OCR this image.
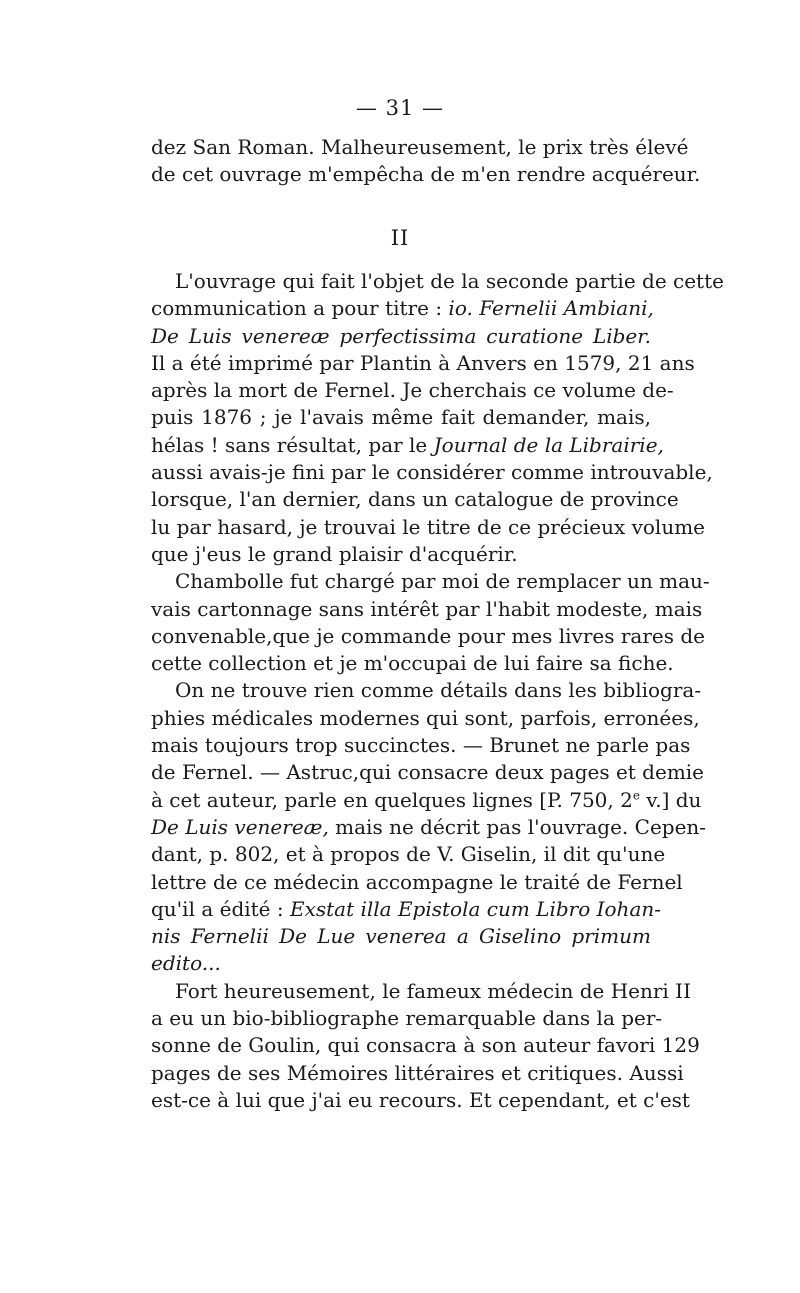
— 31 —
dez San Roman. Malheureusement, le prix très élevé
de cet ouvrage m'empêcha de m'en rendre acquéreur.
II
L'ouvrage qui fait l'objet de la seconde partie de cette
communication a pour titre : io. Fernelii Ambiani,
De Luis venereæ perfectissima curatione Liber.
Il a été imprimé par Plantin à Anvers en 1579, 21 ans
après la mort de Fernel. Je cherchais ce volume de-
puis 1876 ; je l'avais même fait demander, mais,
hélas ! sans résultat, par le Journal de la Librairie,
aussi avais-je fini par le considérer comme introuvable,
lorsque, l'an dernier, dans un catalogue de province
lu par hasard, je trouvai le titre de ce précieux volume
que j'eus le grand plaisir d'acquérir.
Chambolle fut chargé par moi de remplacer un mau-
vais cartonnage sans intérêt par l'habit modeste, mais
convenable,que je commande pour mes livres rares de
cette collection et je m'occupai de lui faire sa fiche.
On ne trouve rien comme détails dans les bibliogra-
phies médicales modernes qui sont, parfois, erronées,
mais toujours trop succinctes. — Brunet ne parle pas
de Fernel. — Astruc,qui consacre deux pages et demie
à cet auteur, parle en quelques lignes [P. 750, 2e v.] du
De Luis venereæ, mais ne décrit pas l'ouvrage. Cepen-
dant, p. 802, et à propos de V. Giselin, il dit qu'une
lettre de ce médecin accompagne le traité de Fernel
qu'il a édité : Exstat illa Epistola cum Libro Iohan-
nis Fernelii De Lue venerea a Giselino primum
edito...
Fort heureusement, le fameux médecin de Henri II
a eu un bio-bibliographe remarquable dans la per-
sonne de Goulin, qui consacra à son auteur favori 129
pages de ses Mémoires littéraires et critiques. Aussi
est-ce à lui que j'ai eu recours. Et cependant, et c'est
